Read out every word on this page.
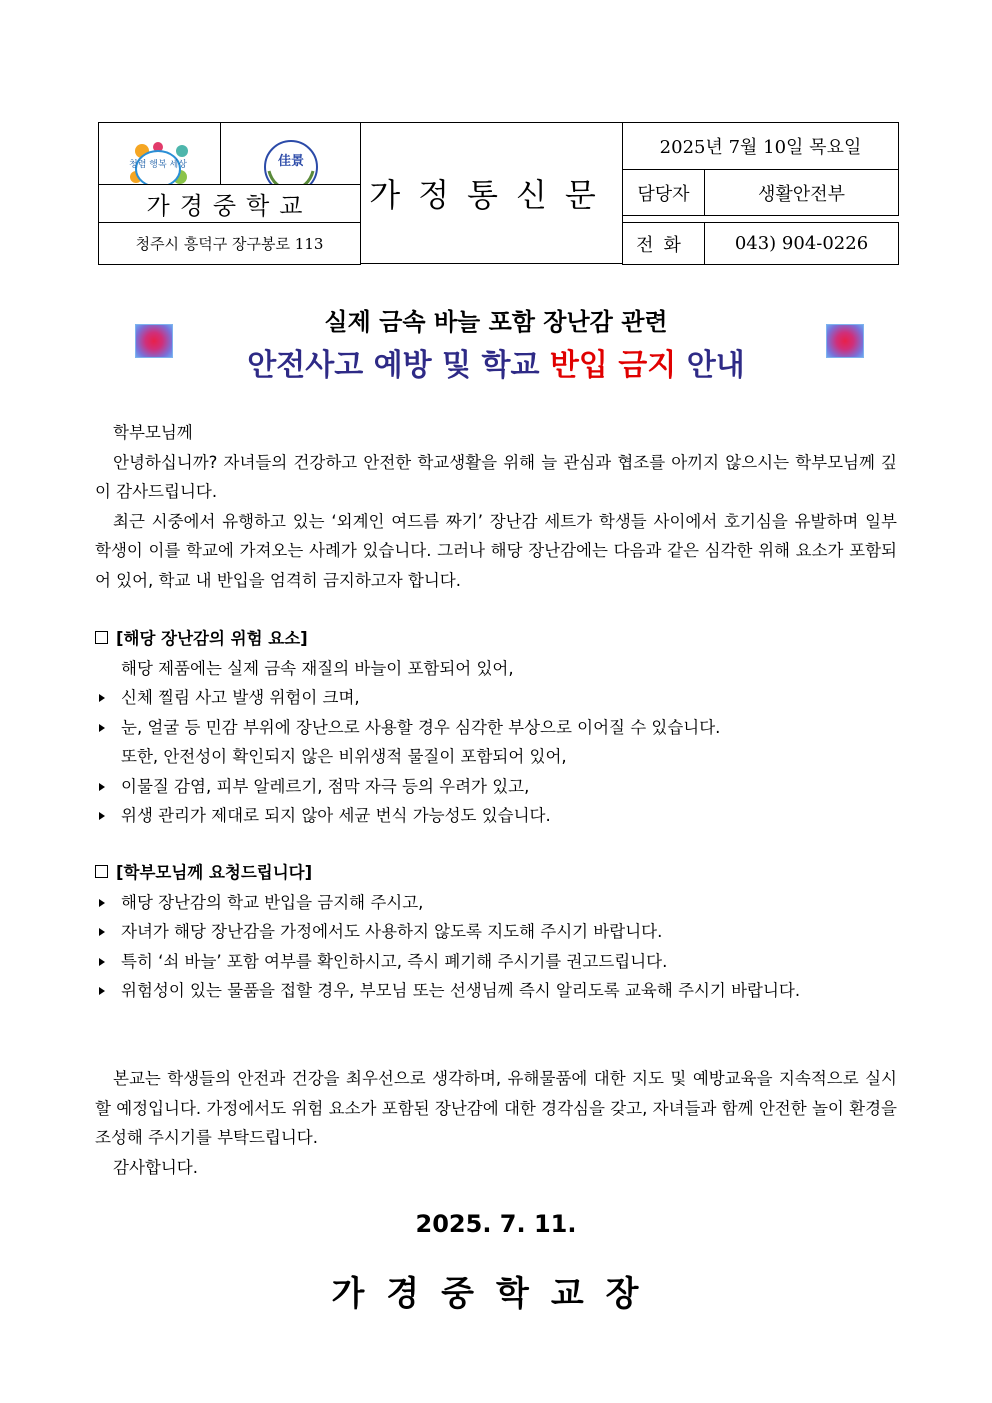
청렴 행복 세상	佳景	가정통신문	2025년 7월 10일 목요일	
			담당자	생활안전부

가경중학교			
청주시 흥덕구 장구봉로 113		전화	043) 904-0226
실제 금속 바늘 포함 장난감 관련
안전사고 예방 및 학교 반입 금지 안내

학부모님께

안녕하십니까? 자녀들의 건강하고 안전한 학교생활을 위해 늘 관심과 협조를 아끼지 않으시는 학부모님께 깊이 감사드립니다.

최근 시중에서 유행하고 있는 ‘외계인 여드름 짜기’ 장난감 세트가 학생들 사이에서 호기심을 유발하며 일부 학생이 이를 학교에 가져오는 사례가 있습니다. 그러나 해당 장난감에는 다음과 같은 심각한 위해 요소가 포함되어 있어, 학교 내 반입을 엄격히 금지하고자 합니다.

[해당 장난감의 위험 요소]

해당 제품에는 실제 금속 재질의 바늘이 포함되어 있어,

신체 찔림 사고 발생 위험이 크며,

눈, 얼굴 등 민감 부위에 장난으로 사용할 경우 심각한 부상으로 이어질 수 있습니다.

또한, 안전성이 확인되지 않은 비위생적 물질이 포함되어 있어,

이물질 감염, 피부 알레르기, 점막 자극 등의 우려가 있고,

위생 관리가 제대로 되지 않아 세균 번식 가능성도 있습니다.

[학부모님께 요청드립니다]

해당 장난감의 학교 반입을 금지해 주시고,

자녀가 해당 장난감을 가정에서도 사용하지 않도록 지도해 주시기 바랍니다.

특히 ‘쇠 바늘’ 포함 여부를 확인하시고, 즉시 폐기해 주시기를 권고드립니다.

위험성이 있는 물품을 접할 경우, 부모님 또는 선생님께 즉시 알리도록 교육해 주시기 바랍니다.

본교는 학생들의 안전과 건강을 최우선으로 생각하며, 유해물품에 대한 지도 및 예방교육을 지속적으로 실시할 예정입니다. 가정에서도 위험 요소가 포함된 장난감에 대한 경각심을 갖고, 자녀들과 함께 안전한 놀이 환경을 조성해 주시기를 부탁드립니다.

감사합니다.

2025. 7. 11.
가경중학교장
